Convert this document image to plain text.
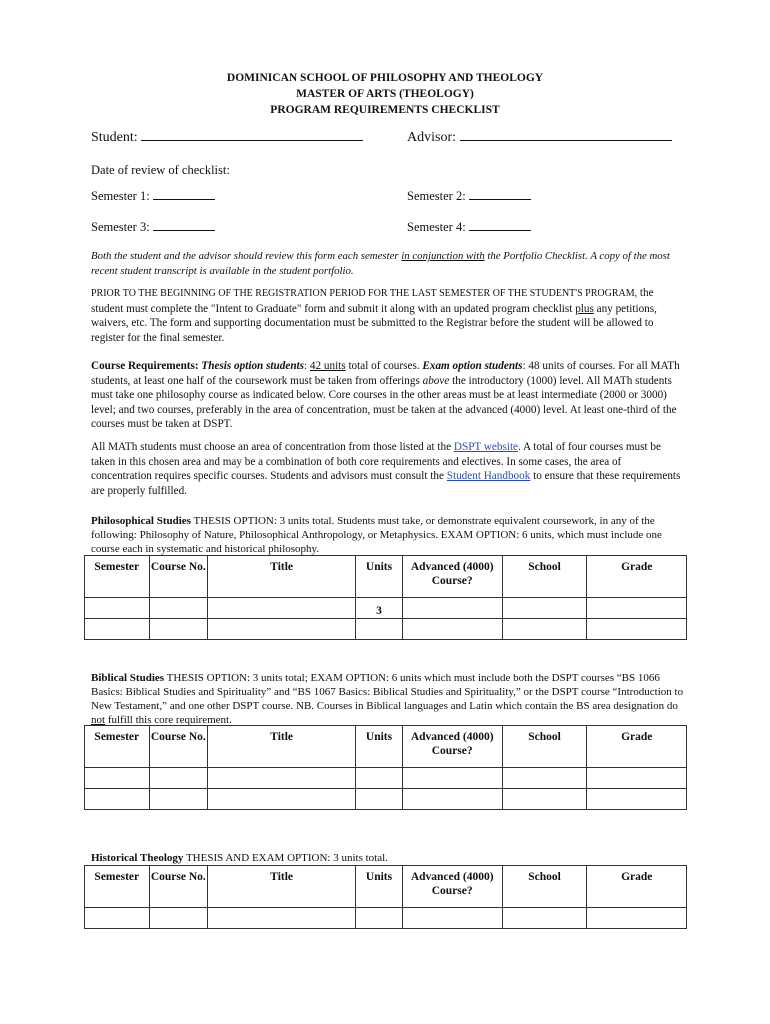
DOMINICAN SCHOOL OF PHILOSOPHY AND THEOLOGY
MASTER OF ARTS (THEOLOGY)
PROGRAM REQUIREMENTS CHECKLIST
Student:	Advisor:
Date of review of checklist:
Semester 1:	Semester 2:
Semester 3:	Semester 4:
Both the student and the advisor should review this form each semester in conjunction with the Portfolio Checklist. A copy of the most recent student transcript is available in the student portfolio.
PRIOR TO THE BEGINNING OF THE REGISTRATION PERIOD FOR THE LAST SEMESTER OF THE STUDENT'S PROGRAM, the student must complete the "Intent to Graduate" form and submit it along with an updated program checklist plus any petitions, waivers, etc. The form and supporting documentation must be submitted to the Registrar before the student will be allowed to register for the final semester.
Course Requirements: Thesis option students: 42 units total of courses. Exam option students: 48 units of courses. For all MATh students, at least one half of the coursework must be taken from offerings above the introductory (1000) level. All MATh students must take one philosophy course as indicated below. Core courses in the other areas must be at least intermediate (2000 or 3000) level; and two courses, preferably in the area of concentration, must be taken at the advanced (4000) level. At least one-third of the courses must be taken at DSPT.
All MATh students must choose an area of concentration from those listed at the DSPT website. A total of four courses must be taken in this chosen area and may be a combination of both core requirements and electives. In some cases, the area of concentration requires specific courses. Students and advisors must consult the Student Handbook to ensure that these requirements are properly fulfilled.
Philosophical Studies THESIS OPTION: 3 units total. Students must take, or demonstrate equivalent coursework, in any of the following: Philosophy of Nature, Philosophical Anthropology, or Metaphysics. EXAM OPTION: 6 units, which must include one course each in systematic and historical philosophy.
Semester	Course No.	Title	Units	Advanced (4000) Course?	School	Grade
			3			

Biblical Studies THESIS OPTION: 3 units total; EXAM OPTION: 6 units which must include both the DSPT courses “BS 1066 Basics: Biblical Studies and Spirituality” and “BS 1067 Basics: Biblical Studies and Spirituality,” or the DSPT course “Introduction to New Testament,” and one other DSPT course. NB. Courses in Biblical languages and Latin which contain the BS area designation do not fulfill this core requirement.
Semester	Course No.	Title	Units	Advanced (4000) Course?	School	Grade

Historical Theology THESIS AND EXAM OPTION: 3 units total.
Semester	Course No.	Title	Units	Advanced (4000) Course?	School	Grade
